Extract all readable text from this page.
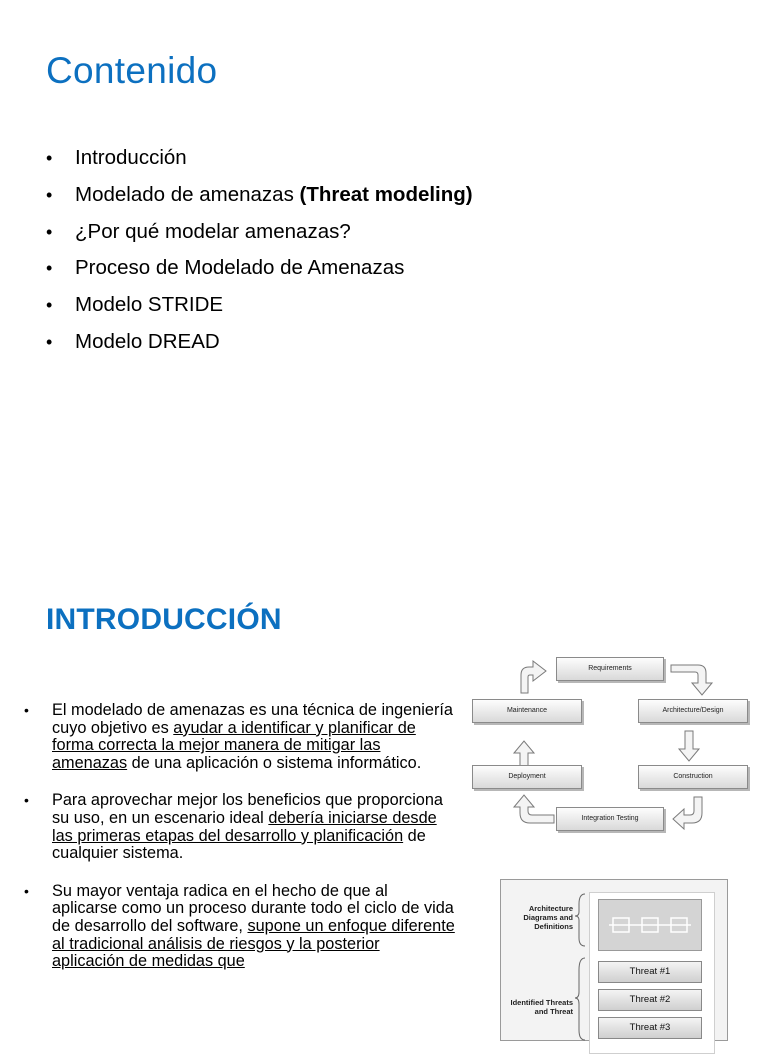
Contenido
• Introducción
• Modelado de amenazas (Threat modeling)
• ¿Por qué modelar amenazas?
• Proceso de Modelado de Amenazas
• Modelo STRIDE
• Modelo DREAD
INTRODUCCIÓN
• El modelado de amenazas es una técnica de ingeniería cuyo objetivo es ayudar a identificar y planificar de forma correcta la mejor manera de mitigar las amenazas de una aplicación o sistema informático.
• Para aprovechar mejor los beneficios que proporciona su uso, en un escenario ideal debería iniciarse desde las primeras etapas del desarrollo y planificación de cualquier sistema.
• Su mayor ventaja radica en el hecho de que al aplicarse como un proceso durante todo el ciclo de vida de desarrollo del software, supone un enfoque diferente al tradicional análisis de riesgos y la posterior aplicación de medidas que
Requirements
Architecture/Design
Construction
Integration Testing
Deployment
Maintenance
Architecture Diagrams and Definitions
Identified Threats and Threat
Threat #1
Threat #2
Threat #3
